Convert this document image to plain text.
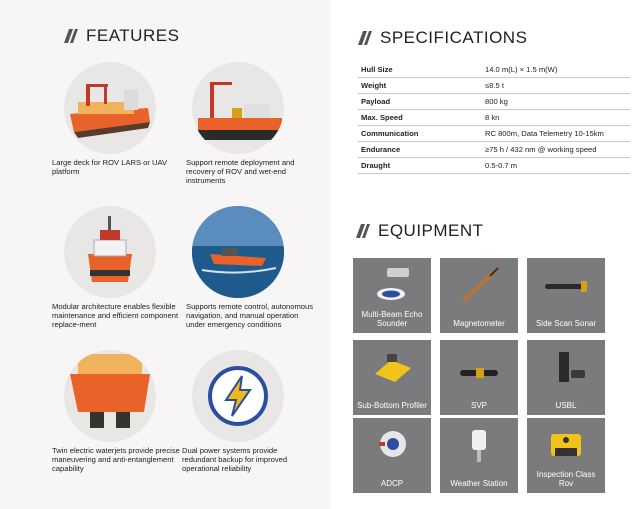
FEATURES
Large deck for ROV LARS or UAV platform
Support remote deployment and recovery of ROV and wet-end instruments
Modular architecture enables flexible maintenance and efficient component replace-ment
Supports remote control, autonomous navigation, and manual operation under emergency conditions
Twin electric waterjets provide precise maneuvering and anti-entanglement capability
Dual power systems provide redundant backup for improved operational reliability
SPECIFICATIONS
Hull Size	14.0 m(L) × 1.5 m(W)
Weight	≤8.5 t
Payload	800 kg
Max. Speed	8 kn
Communication	RC 800m, Data Telemetry 10-15km
Endurance	≥75 h / 432 nm @ working speed
Draught	0.5-0.7 m
EQUIPMENT
Multi-Beam Echo Sounder	Magnetometer	Side Scan Sonar
Sub-Bottom Profiler	SVP	USBL
ADCP	Weather Station
Inspection Class Rov
